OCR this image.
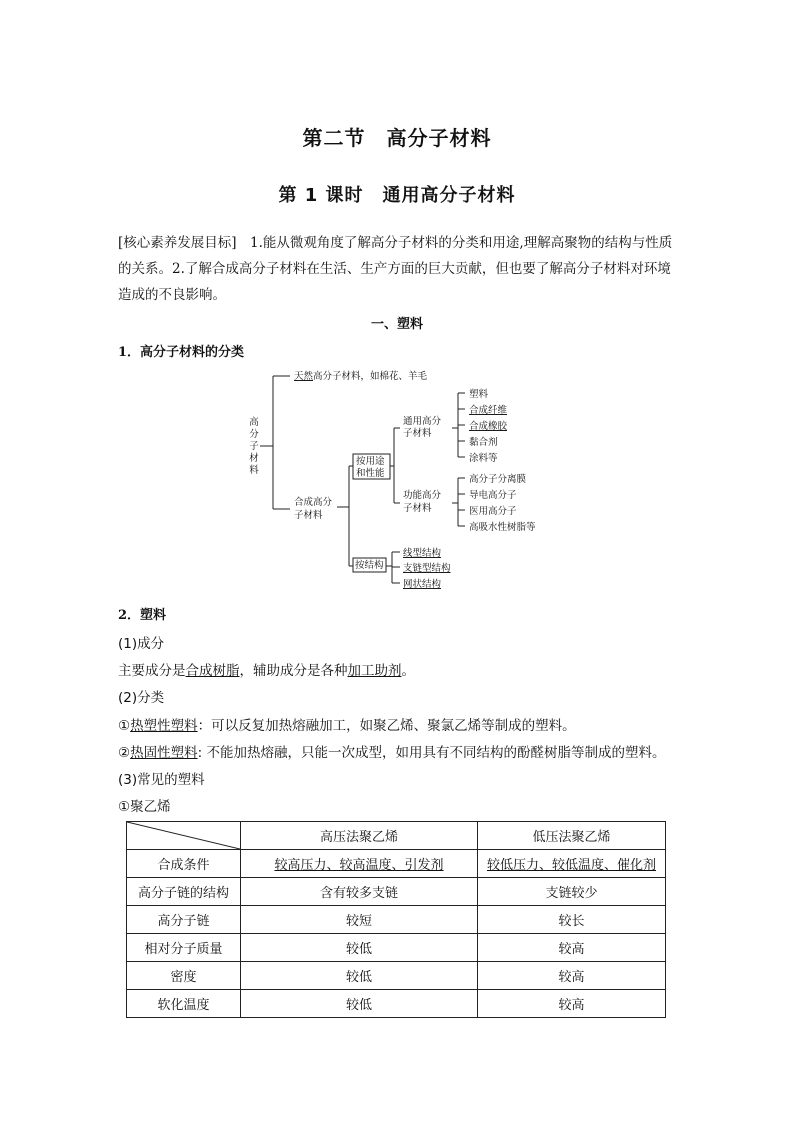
第二节　高分子材料
第 1 课时　通用高分子材料
[核心素养发展目标]　1.能从微观角度了解高分子材料的分类和用途,理解高聚物的结构与性质的关系。2.了解合成高分子材料在生活、生产方面的巨大贡献，但也要了解高分子材料对环境造成的不良影响。
一、塑料
1．高分子材料的分类
高
分
子
材
料
天然高分子材料，如棉花、羊毛
合成高分
子材料
按用途
和性能
按结构
通用高分
子材料
塑料
合成纤维
合成橡胶
黏合剂
涂料等
功能高分
子材料
高分子分离膜
导电高分子
医用高分子
高吸水性树脂等
线型结构
支链型结构
网状结构
2．塑料
(1)成分
主要成分是合成树脂，辅助成分是各种加工助剂。
(2)分类
①热塑性塑料：可以反复加热熔融加工，如聚乙烯、聚氯乙烯等制成的塑料。
②热固性塑料: 不能加热熔融，只能一次成型，如用具有不同结构的酚醛树脂等制成的塑料。
(3)常见的塑料
①聚乙烯
	高压法聚乙烯	低压法聚乙烯
合成条件	较高压力、较高温度、引发剂	较低压力、较低温度、催化剂
高分子链的结构	含有较多支链	支链较少
高分子链	较短	较长
相对分子质量	较低	较高
密度	较低	较高
软化温度	较低	较高
